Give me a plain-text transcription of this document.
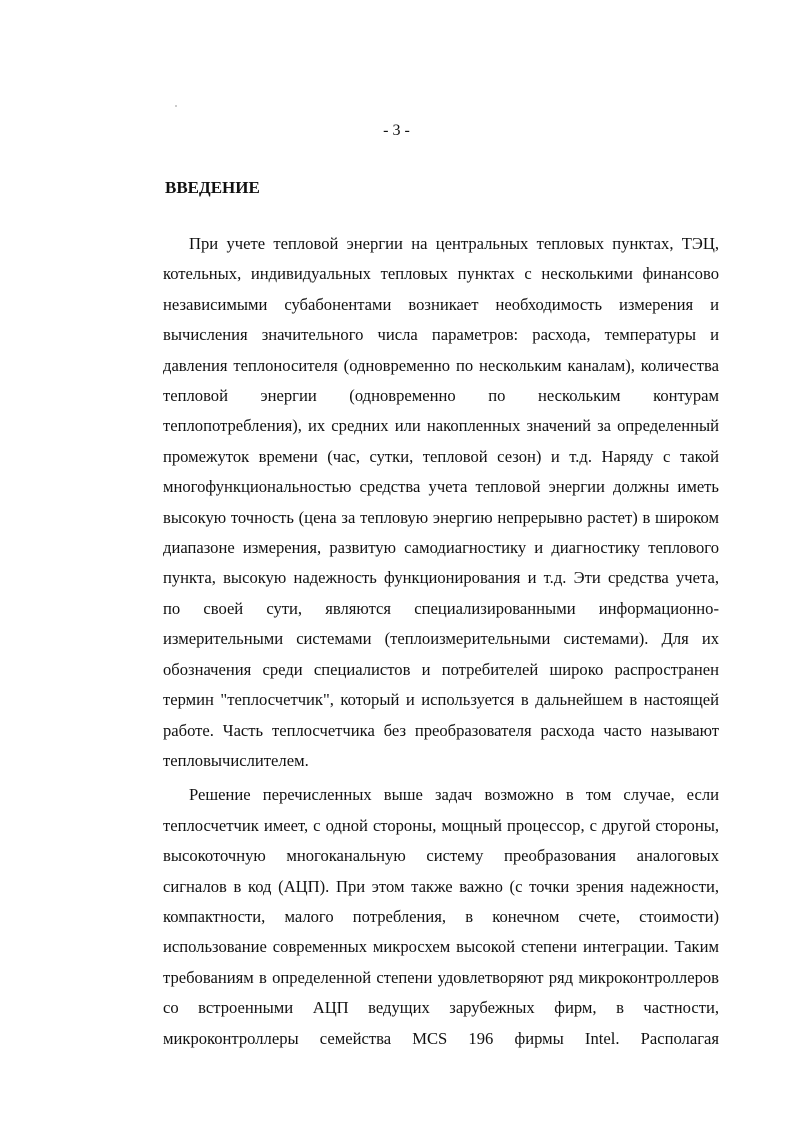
- 3 -
ВВЕДЕНИЕ

При учете тепловой энергии на центральных тепловых пунктах, ТЭЦ,
котельных, индивидуальных тепловых пунктах с несколькими финансово
независимыми субабонентами возникает необходимость измерения и
вычисления значительного числа параметров: расхода, температуры и
давления теплоносителя (одновременно по нескольким каналам), количества
тепловой энергии (одновременно по нескольким контурам
теплопотребления), их средних или накопленных значений за определенный
промежуток времени (час, сутки, тепловой сезон) и т.д. Наряду с такой
многофункциональностью средства учета тепловой энергии должны иметь
высокую точность (цена за тепловую энергию непрерывно растет) в широком
диапазоне измерения, развитую самодиагностику и диагностику теплового
пункта, высокую надежность функционирования и т.д. Эти средства учета,
по своей сути, являются специализированными информационно-
измерительными системами (теплоизмерительными системами). Для их
обозначения среди специалистов и потребителей широко распространен
термин "теплосчетчик", который и используется в дальнейшем в настоящей
работе. Часть теплосчетчика без преобразователя расхода часто называют
тепловычислителем.

Решение перечисленных выше задач возможно в том случае, если
теплосчетчик имеет, с одной стороны, мощный процессор, с другой стороны,
высокоточную многоканальную систему преобразования аналоговых
сигналов в код (АЦП). При этом также важно (с точки зрения надежности,
компактности, малого потребления, в конечном счете, стоимости)
использование современных микросхем высокой степени интеграции. Таким
требованиям в определенной степени удовлетворяют ряд микроконтроллеров
со встроенными АЦП ведущих зарубежных фирм, в частности,
микроконтроллеры семейства MCS 196 фирмы Intel. Располагая
